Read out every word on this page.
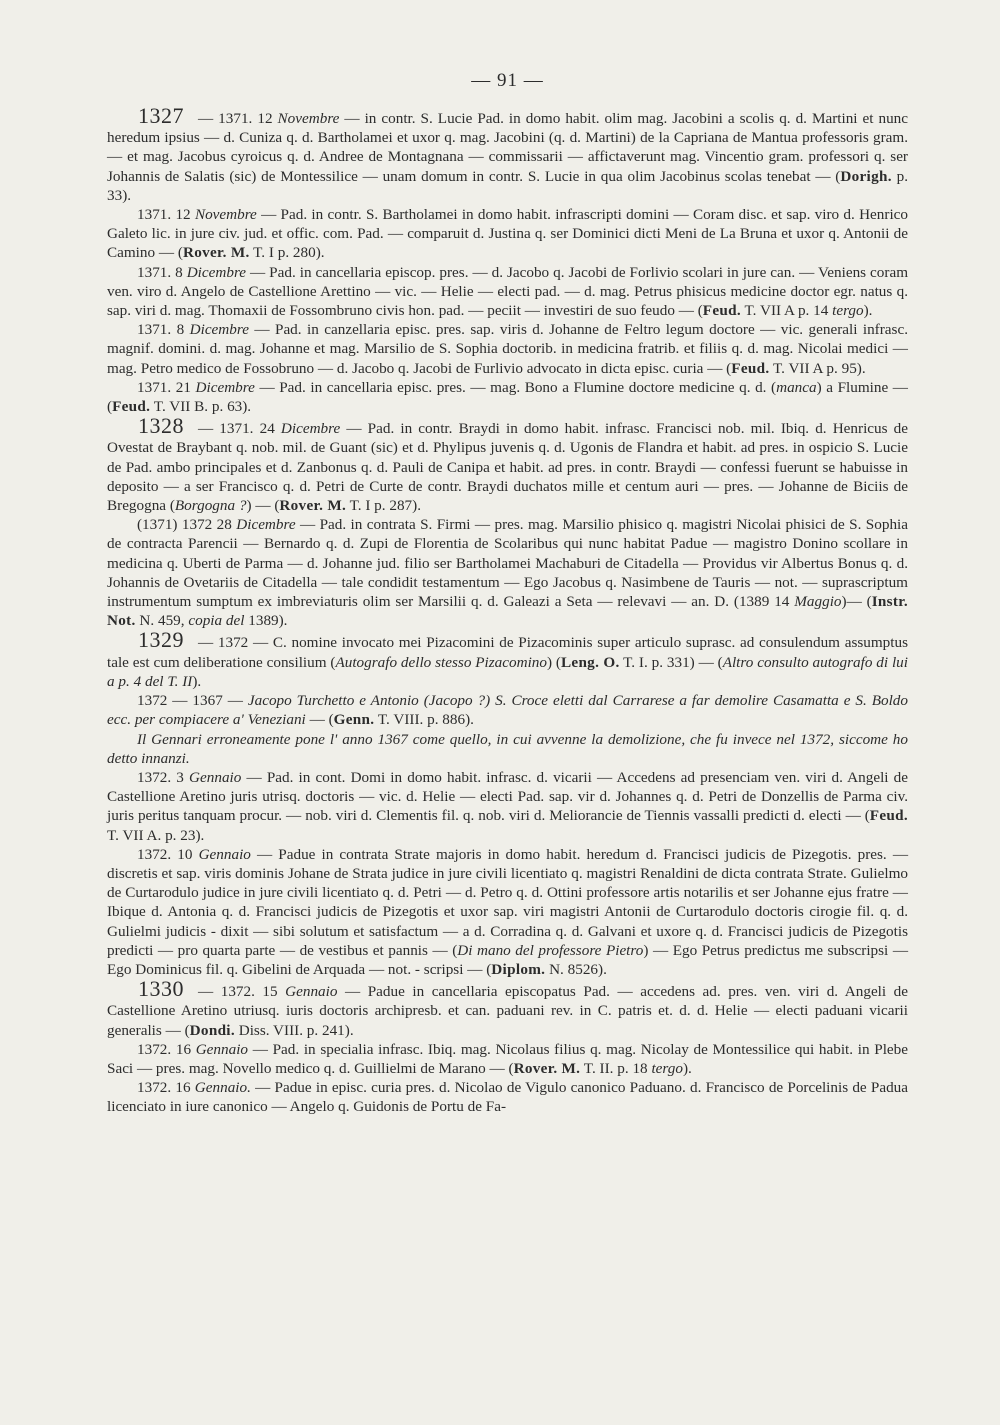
— 91 —

1327 — 1371. 12 Novembre — in contr. S. Lucie Pad. in domo habit. olim mag. Jacobini a scolis q. d. Martini et nunc heredum ipsius — d. Cuniza q. d. Bartholamei et uxor q. mag. Jacobini (q. d. Martini) de la Capriana de Mantua professoris gram. — et mag. Jacobus cyroicus q. d. Andree de Montagnana — commissarii — affictaverunt mag. Vincentio gram. professori q. ser Johannis de Salatis (sic) de Montessilice — unam domum in contr. S. Lucie in qua olim Jacobinus scolas tenebat — (Dorigh. p. 33).

1371. 12 Novembre — Pad. in contr. S. Bartholamei in domo habit. infrascripti domini — Coram disc. et sap. viro d. Henrico Galeto lic. in jure civ. jud. et offic. com. Pad. — comparuit d. Justina q. ser Dominici dicti Meni de La Bruna et uxor q. Antonii de Camino — (Rover. M. T. I p. 280).

1371. 8 Dicembre — Pad. in cancellaria episcop. pres. — d. Jacobo q. Jacobi de Forlivio scolari in jure can. — Veniens coram ven. viro d. Angelo de Castellione Arettino — vic. — Helie — electi pad. — d. mag. Petrus phisicus medicine doctor egr. natus q. sap. viri d. mag. Thomaxii de Fossombruno civis hon. pad. — peciit — investiri de suo feudo — (Feud. T. VII A p. 14 tergo).

1371. 8 Dicembre — Pad. in canzellaria episc. pres. sap. viris d. Johanne de Feltro legum doctore — vic. generali infrasc. magnif. domini. d. mag. Johanne et mag. Marsilio de S. Sophia doctorib. in medicina fratrib. et filiis q. d. mag. Nicolai medici — mag. Petro medico de Fossobruno — d. Jacobo q. Jacobi de Furlivio advocato in dicta episc. curia — (Feud. T. VII A p. 95).

1371. 21 Dicembre — Pad. in cancellaria episc. pres. — mag. Bono a Flumine doctore medicine q. d. (manca) a Flumine — (Feud. T. VII B. p. 63).

1328 — 1371. 24 Dicembre — Pad. in contr. Braydi in domo habit. infrasc. Francisci nob. mil. Ibiq. d. Henricus de Ovestat de Braybant q. nob. mil. de Guant (sic) et d. Phylipus juvenis q. d. Ugonis de Flandra et habit. ad pres. in ospicio S. Lucie de Pad. ambo principales et d. Zanbonus q. d. Pauli de Canipa et habit. ad pres. in contr. Braydi — confessi fuerunt se habuisse in deposito — a ser Francisco q. d. Petri de Curte de contr. Braydi duchatos mille et centum auri — pres. — Johanne de Biciis de Bregogna (Borgogna ?) — (Rover. M. T. I p. 287).

(1371) 1372 28 Dicembre — Pad. in contrata S. Firmi — pres. mag. Marsilio phisico q. magistri Nicolai phisici de S. Sophia de contracta Parencii — Bernardo q. d. Zupi de Florentia de Scolaribus qui nunc habitat Padue — magistro Donino scollare in medicina q. Uberti de Parma — d. Johanne jud. filio ser Bartholamei Machaburi de Citadella — Providus vir Albertus Bonus q. d. Johannis de Ovetariis de Citadella — tale condidit testamentum — Ego Jacobus q. Nasimbene de Tauris — not. — suprascriptum instrumentum sumptum ex imbreviaturis olim ser Marsilii q. d. Galeazi a Seta — relevavi — an. D. (1389 14 Maggio)— (Instr. Not. N. 459, copia del 1389).

1329 — 1372 — C. nomine invocato mei Pizacomini de Pizacominis super articulo suprasc. ad consulendum assumptus tale est cum deliberatione consilium (Autografo dello stesso Pizacomino) (Leng. O. T. I. p. 331) — (Altro consulto autografo di lui a p. 4 del T. II).

1372 — 1367 — Jacopo Turchetto e Antonio (Jacopo ?) S. Croce eletti dal Carrarese a far demolire Casamatta e S. Boldo ecc. per compiacere a' Veneziani — (Genn. T. VIII. p. 886).

Il Gennari erroneamente pone l' anno 1367 come quello, in cui avvenne la demolizione, che fu invece nel 1372, siccome ho detto innanzi.

1372. 3 Gennaio — Pad. in cont. Domi in domo habit. infrasc. d. vicarii — Accedens ad presenciam ven. viri d. Angeli de Castellione Aretino juris utrisq. doctoris — vic. d. Helie — electi Pad. sap. vir d. Johannes q. d. Petri de Donzellis de Parma civ. juris peritus tanquam procur. — nob. viri d. Clementis fil. q. nob. viri d. Meliorancie de Tiennis vassalli predicti d. electi — (Feud. T. VII A. p. 23).

1372. 10 Gennaio — Padue in contrata Strate majoris in domo habit. heredum d. Francisci judicis de Pizegotis. pres. — discretis et sap. viris dominis Johane de Strata judice in jure civili licentiato q. magistri Renaldini de dicta contrata Strate. Gulielmo de Curtarodulo judice in jure civili licentiato q. d. Petri — d. Petro q. d. Ottini professore artis notarilis et ser Johanne ejus fratre — Ibique d. Antonia q. d. Francisci judicis de Pizegotis et uxor sap. viri magistri Antonii de Curtarodulo doctoris cirogie fil. q. d. Gulielmi judicis - dixit — sibi solutum et satisfactum — a d. Corradina q. d. Galvani et uxore q. d. Francisci judicis de Pizegotis predicti — pro quarta parte — de vestibus et pannis — (Di mano del professore Pietro) — Ego Petrus predictus me subscripsi — Ego Dominicus fil. q. Gibelini de Arquada — not. - scripsi — (Diplom. N. 8526).

1330 — 1372. 15 Gennaio — Padue in cancellaria episcopatus Pad. — accedens ad. pres. ven. viri d. Angeli de Castellione Aretino utriusq. iuris doctoris archipresb. et can. paduani rev. in C. patris et. d. d. Helie — electi paduani vicarii generalis — (Dondi. Diss. VIII. p. 241).

1372. 16 Gennaio — Pad. in specialia infrasc. Ibiq. mag. Nicolaus filius q. mag. Nicolay de Montessilice qui habit. in Plebe Saci — pres. mag. Novello medico q. d. Guillielmi de Marano — (Rover. M. T. II. p. 18 tergo).

1372. 16 Gennaio. — Padue in episc. curia pres. d. Nicolao de Vigulo canonico Paduano. d. Francisco de Porcelinis de Padua licenciato in iure canonico — Angelo q. Guidonis de Portu de Fa-
